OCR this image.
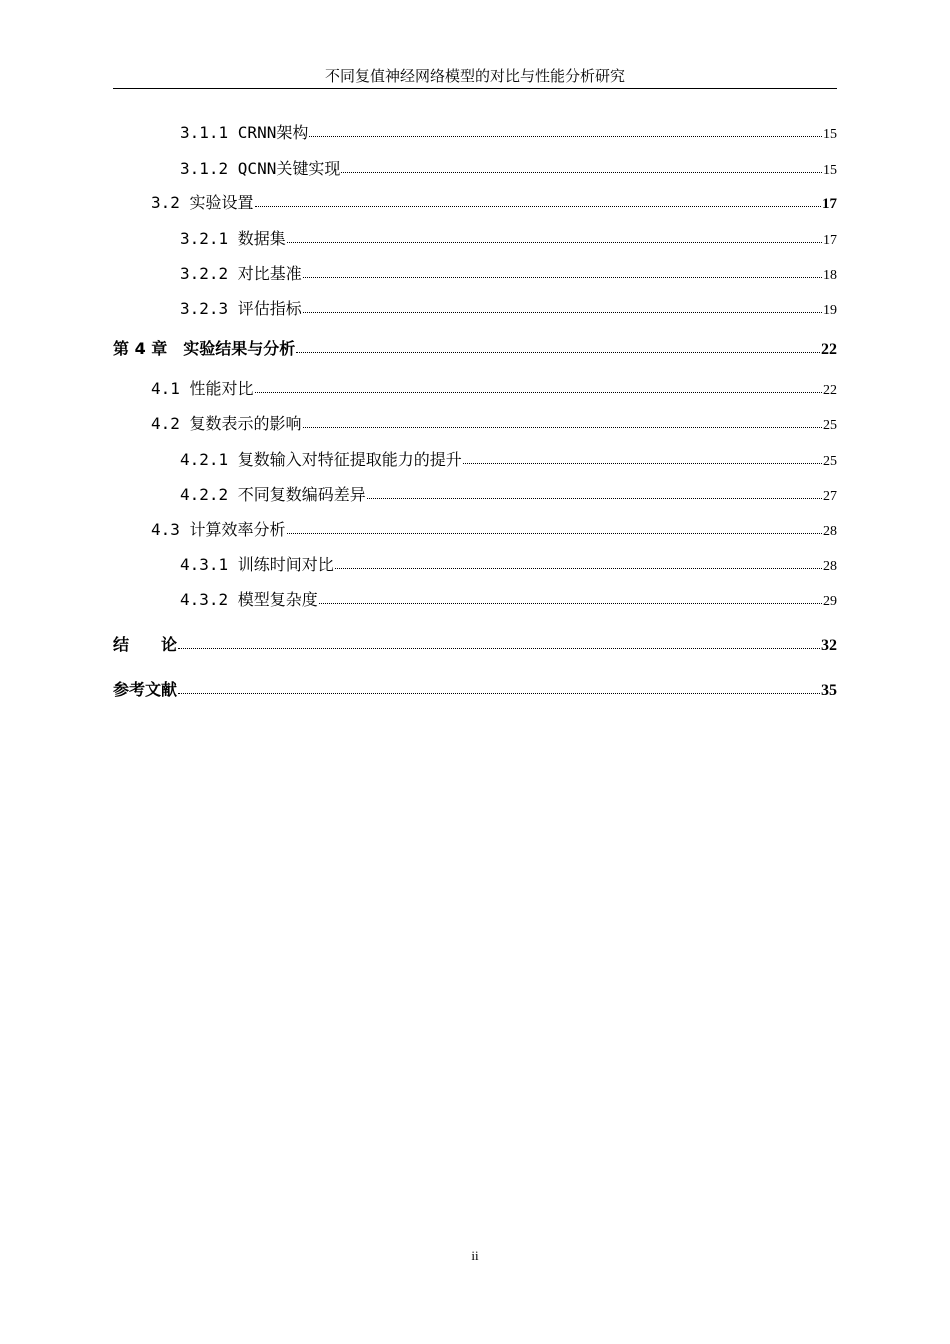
不同复值神经网络模型的对比与性能分析研究
3.1.1 CRNN架构	15
3.1.2 QCNN关键实现	15
3.2 实验设置	17
3.2.1 数据集	17
3.2.2 对比基准	18
3.2.3 评估指标	19
第 4 章　实验结果与分析	22
4.1 性能对比	22
4.2 复数表示的影响	25
4.2.1 复数输入对特征提取能力的提升	25
4.2.2 不同复数编码差异	27
4.3 计算效率分析	28
4.3.1 训练时间对比	28
4.3.2 模型复杂度	29
结　　论	32
参考文献	35
ii
